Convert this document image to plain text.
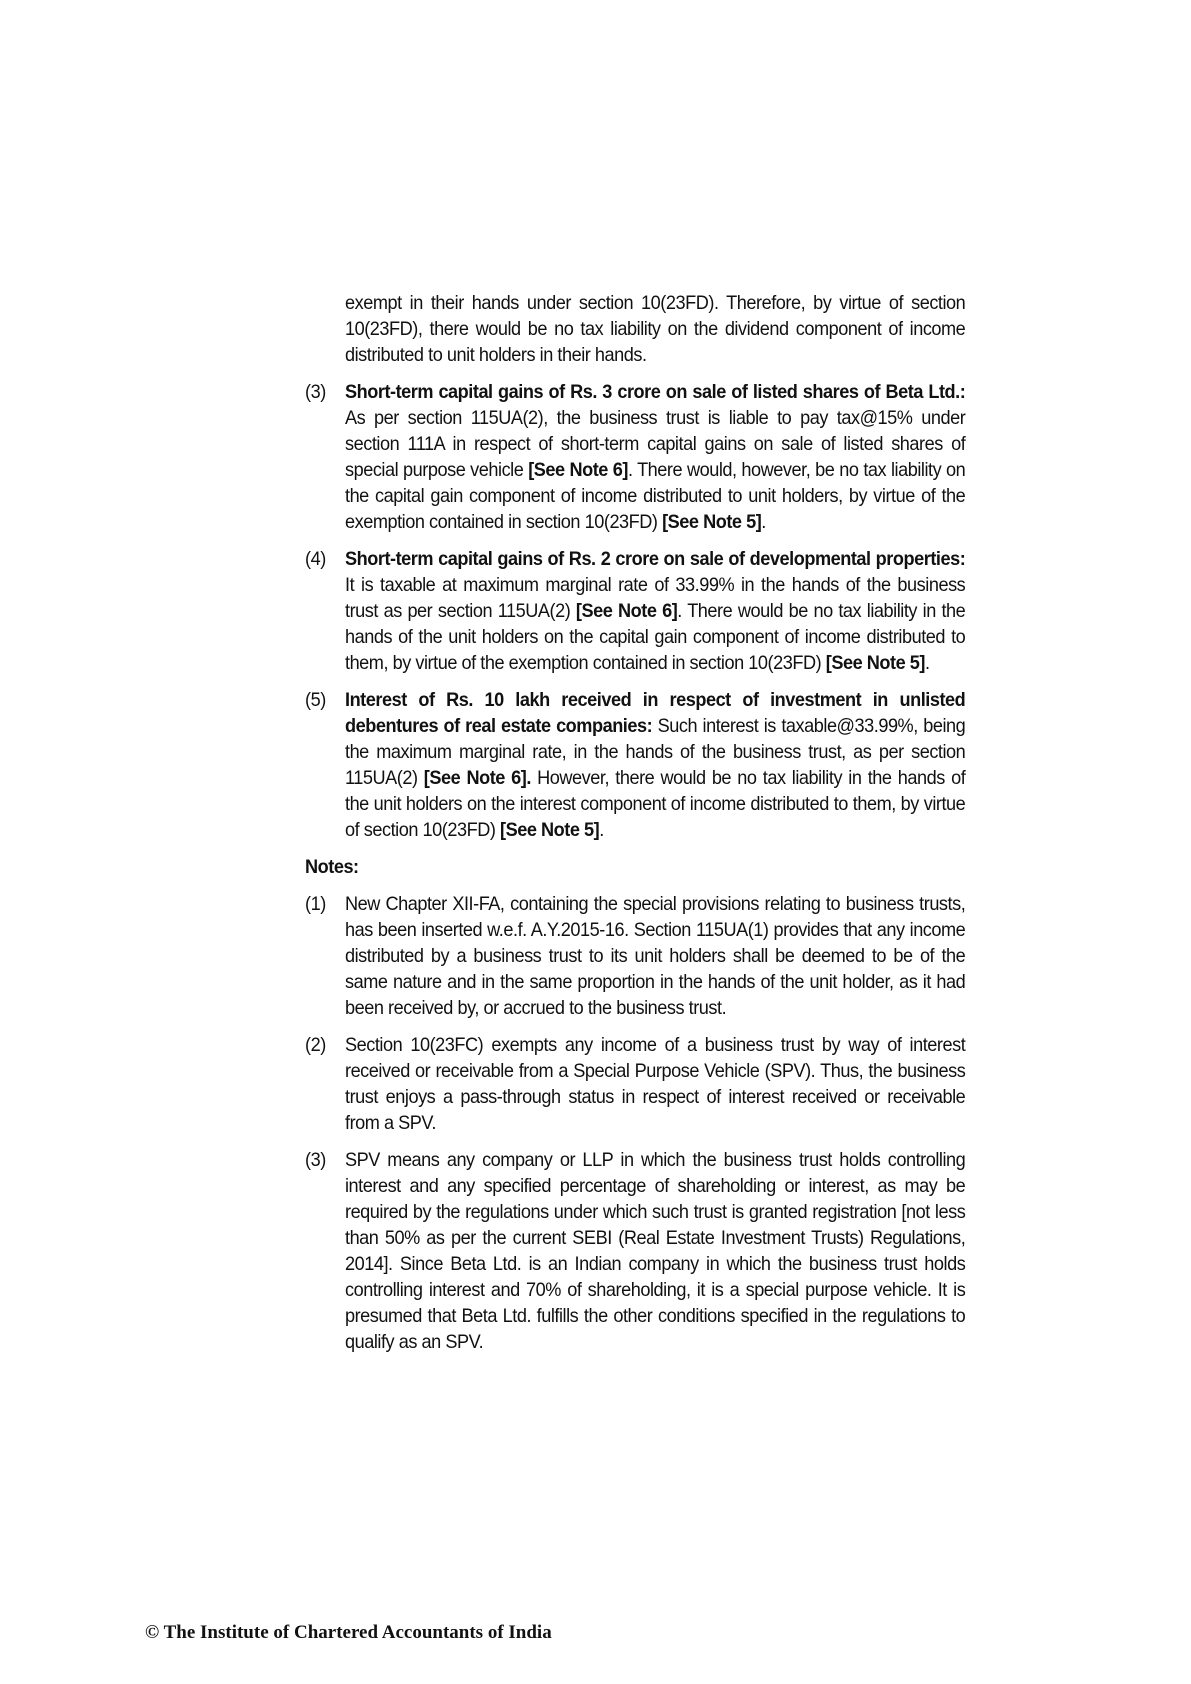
exempt in their hands under section 10(23FD). Therefore, by virtue of section 10(23FD), there would be no tax liability on the dividend component of income distributed to unit holders in their hands.

(3) Short-term capital gains of Rs. 3 crore on sale of listed shares of Beta Ltd.: As per section 115UA(2), the business trust is liable to pay tax@15% under section 111A in respect of short-term capital gains on sale of listed shares of special purpose vehicle [See Note 6]. There would, however, be no tax liability on the capital gain component of income distributed to unit holders, by virtue of the exemption contained in section 10(23FD) [See Note 5].
(4) Short-term capital gains of Rs. 2 crore on sale of developmental properties: It is taxable at maximum marginal rate of 33.99% in the hands of the business trust as per section 115UA(2) [See Note 6]. There would be no tax liability in the hands of the unit holders on the capital gain component of income distributed to them, by virtue of the exemption contained in section 10(23FD) [See Note 5].
(5) Interest of Rs. 10 lakh received in respect of investment in unlisted debentures of real estate companies: Such interest is taxable@33.99%, being the maximum marginal rate, in the hands of the business trust, as per section 115UA(2) [See Note 6]. However, there would be no tax liability in the hands of the unit holders on the interest component of income distributed to them, by virtue of section 10(23FD) [See Note 5].

Notes:

(1) New Chapter XII-FA, containing the special provisions relating to business trusts, has been inserted w.e.f. A.Y.2015-16. Section 115UA(1) provides that any income distributed by a business trust to its unit holders shall be deemed to be of the same nature and in the same proportion in the hands of the unit holder, as it had been received by, or accrued to the business trust.
(2) Section 10(23FC) exempts any income of a business trust by way of interest received or receivable from a Special Purpose Vehicle (SPV). Thus, the business trust enjoys a pass-through status in respect of interest received or receivable from a SPV.
(3) SPV means any company or LLP in which the business trust holds controlling interest and any specified percentage of shareholding or interest, as may be required by the regulations under which such trust is granted registration [not less than 50% as per the current SEBI (Real Estate Investment Trusts) Regulations, 2014]. Since Beta Ltd. is an Indian company in which the business trust holds controlling interest and 70% of shareholding, it is a special purpose vehicle. It is presumed that Beta Ltd. fulfills the other conditions specified in the regulations to qualify as an SPV.
© The Institute of Chartered Accountants of India
